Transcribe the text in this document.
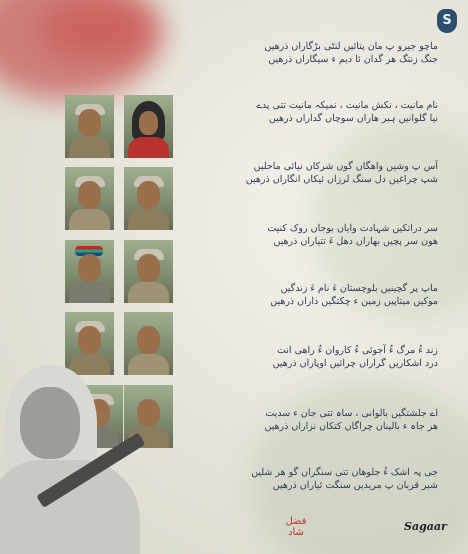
S
ماچو جیرو پ مان پتائیں لنٹی بڑگاراں ذرھیں
جنگ زنتگ ھر گدان ئا دیم ء سیگاراں ذرھیں
نام مانیت ، نکش مانیت ، نمیکہ مانیت تتی پدے
نیا گلوانیں ہبر ھاراں سوچاں گداراں ذرھیں
آس پ وشیں واھگاں گوں شرکاں نیائی ماحلیں
شپ چراغیں دل سنگ لرزاں ئیکاں انگاراں ذرھیں
سر دراتکیں شہادت وایاں بوجاں روک کنیت
ھون سر پچیں بھاراں دھل ءَ تتیاراں ذرھیں
ماپ پر گچینیں بلوچستان ءَ نام ءَ زندگیں
موکیں میتاپیں زمین ء چکتگیں داراں ذرھیں
زند ءُ مرگ ءُ آجوئی ءُ کاروان ءُ راھی انت
درد اشکاریں گراراں چرائیں اوپاراں ذرھیں
اے جلشتگیں بالوانی ، ساہ تتی جان ء سدیت
ھر جاہ ء بالیناں چراگاں کتکاں نزاراں ذرھیں
جی پہ اشک ءُ جلوھاں تتی سنگراں گو ھر شلیں
شیر قربان پ مریدیں سنگت ئیاراں ذرھیں
فضل شاد	Sagaar
